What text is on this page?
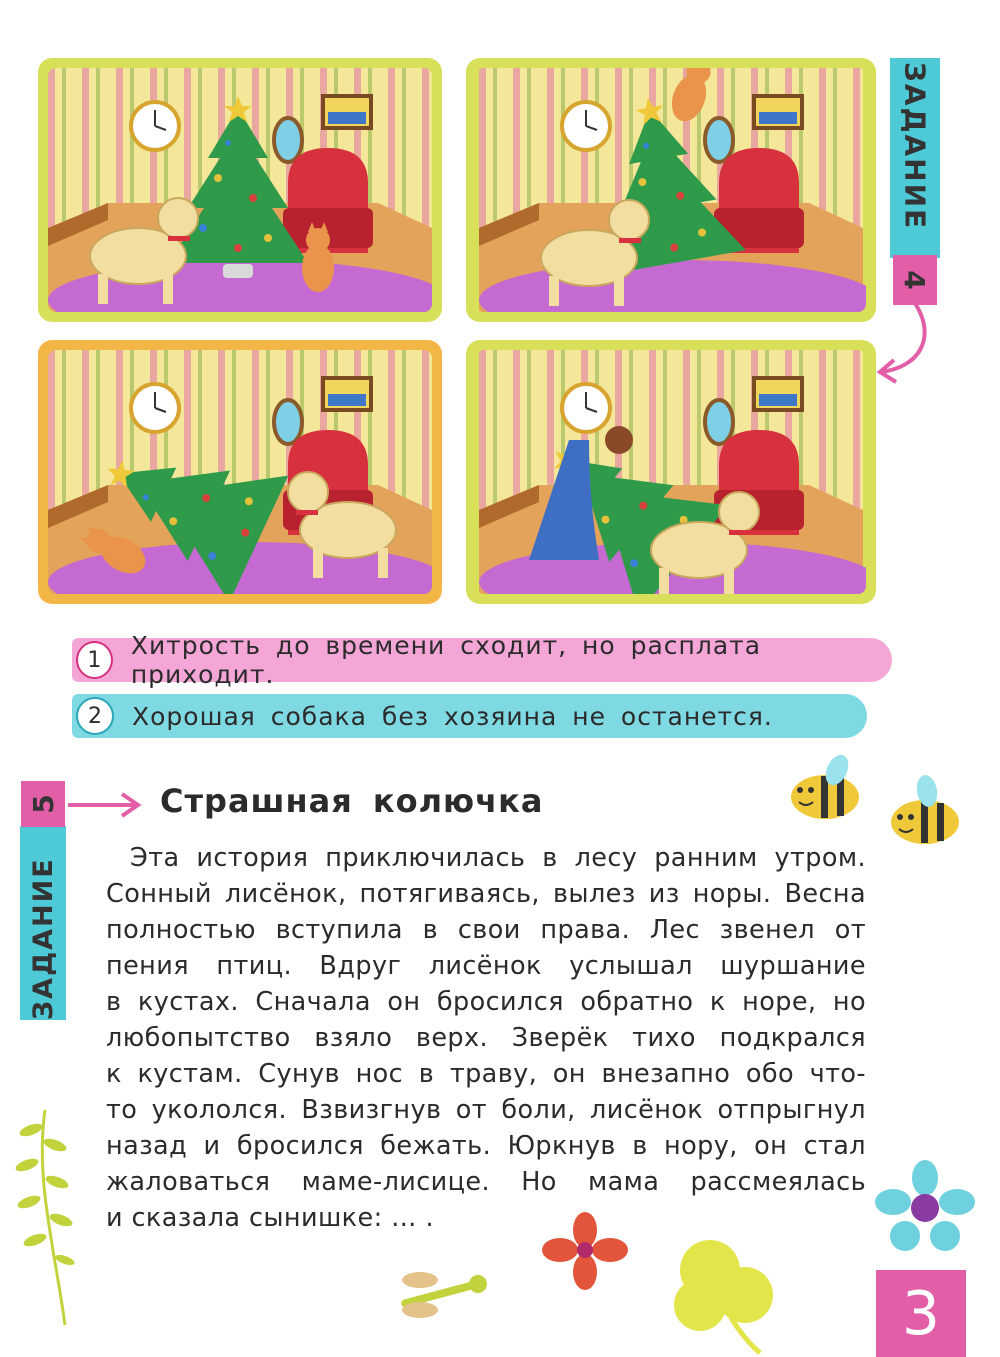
ЗАДАНИЕ
4
1	Хитрость до времени сходит, но расплата приходит.
2	Хорошая собака без хозяина не останется.
5
ЗАДАНИЕ
Страшная колючка
Эта история приключилась в лесу ранним утром.
Сонный лисёнок, потягиваясь, вылез из норы. Весна
полностью вступила в свои права. Лес звенел от
пения птиц. Вдруг лисёнок услышал шуршание
в кустах. Сначала он бросился обратно к норе, но
любопытство взяло верх. Зверёк тихо подкрался
к кустам. Сунув нос в траву, он внезапно обо что-
то укололся. Взвизгнув от боли, лисёнок отпрыгнул
назад и бросился бежать. Юркнув в нору, он стал
жаловаться маме-лисице. Но мама рассмеялась
и сказала сынишке: … .
3
